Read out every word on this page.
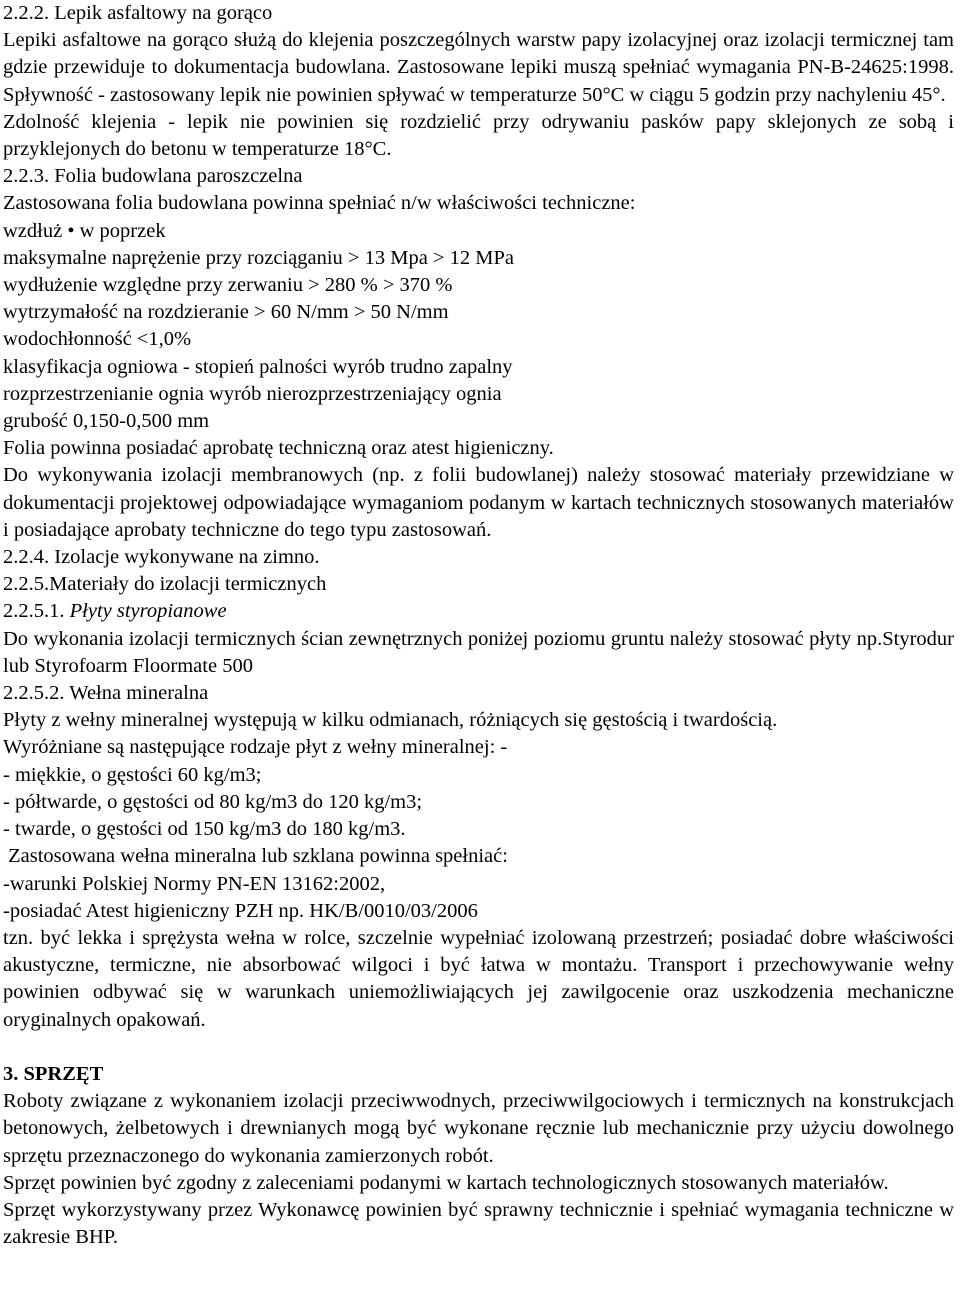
2.2.2. Lepik asfaltowy na gorąco
Lepiki asfaltowe na gorąco służą do klejenia poszczególnych warstw papy izolacyjnej oraz izolacji termicznej tam gdzie przewiduje to dokumentacja budowlana. Zastosowane lepiki muszą spełniać wymagania PN-B-24625:1998. Spływność - zastosowany lepik nie powinien spływać w temperaturze 50°C w ciągu 5 godzin przy nachyleniu 45°.
Zdolność klejenia - lepik nie powinien się rozdzielić przy odrywaniu pasków papy sklejonych ze sobą i przyklejonych do betonu w temperaturze 18°C.
2.2.3. Folia budowlana paroszczelna
Zastosowana folia budowlana powinna spełniać n/w właściwości techniczne:
wzdłuż • w poprzek
maksymalne naprężenie przy rozciąganiu > 13 Mpa > 12 MPa
wydłużenie względne przy zerwaniu > 280 % > 370 %
wytrzymałość na rozdzieranie > 60 N/mm > 50 N/mm
wodochłonność <1,0%
klasyfikacja ogniowa - stopień palności wyrób trudno zapalny
rozprzestrzenianie ognia wyrób nierozprzestrzeniający ognia
grubość 0,150-0,500 mm
Folia powinna posiadać aprobatę techniczną oraz atest higieniczny.
Do wykonywania izolacji membranowych (np. z folii budowlanej) należy stosować materiały przewidziane w dokumentacji projektowej odpowiadające wymaganiom podanym w kartach technicznych stosowanych materiałów i posiadające aprobaty techniczne do tego typu zastosowań.
2.2.4. Izolacje wykonywane na zimno.
2.2.5.Materiały do izolacji termicznych
2.2.5.1. Płyty styropianowe
Do wykonania izolacji termicznych ścian zewnętrznych poniżej poziomu gruntu należy stosować płyty np.Styrodur lub Styrofoarm Floormate 500
2.2.5.2. Wełna mineralna
Płyty z wełny mineralnej występują w kilku odmianach, różniących się gęstością i twardością.
Wyróżniane są następujące rodzaje płyt z wełny mineralnej: -
- miękkie, o gęstości 60 kg/m3;
- półtwarde, o gęstości od 80 kg/m3 do 120 kg/m3;
- twarde, o gęstości od 150 kg/m3 do 180 kg/m3.
Zastosowana wełna mineralna lub szklana powinna spełniać:
-warunki Polskiej Normy PN-EN 13162:2002,
-posiadać Atest higieniczny PZH np. HK/B/0010/03/2006
tzn. być lekka i sprężysta wełna w rolce, szczelnie wypełniać izolowaną przestrzeń; posiadać dobre właściwości akustyczne, termiczne, nie absorbować wilgoci i być łatwa w montażu. Transport i przechowywanie wełny powinien odbywać się w warunkach uniemożliwiających jej zawilgocenie oraz uszkodzenia mechaniczne oryginalnych opakowań.
3. SPRZĘT
Roboty związane z wykonaniem izolacji przeciwwodnych, przeciwwilgociowych i termicznych na konstrukcjach betonowych, żelbetowych i drewnianych mogą być wykonane ręcznie lub mechanicznie przy użyciu dowolnego sprzętu przeznaczonego do wykonania zamierzonych robót.
Sprzęt powinien być zgodny z zaleceniami podanymi w kartach technologicznych stosowanych materiałów.
Sprzęt wykorzystywany przez Wykonawcę powinien być sprawny technicznie i spełniać wymagania techniczne w zakresie BHP.
